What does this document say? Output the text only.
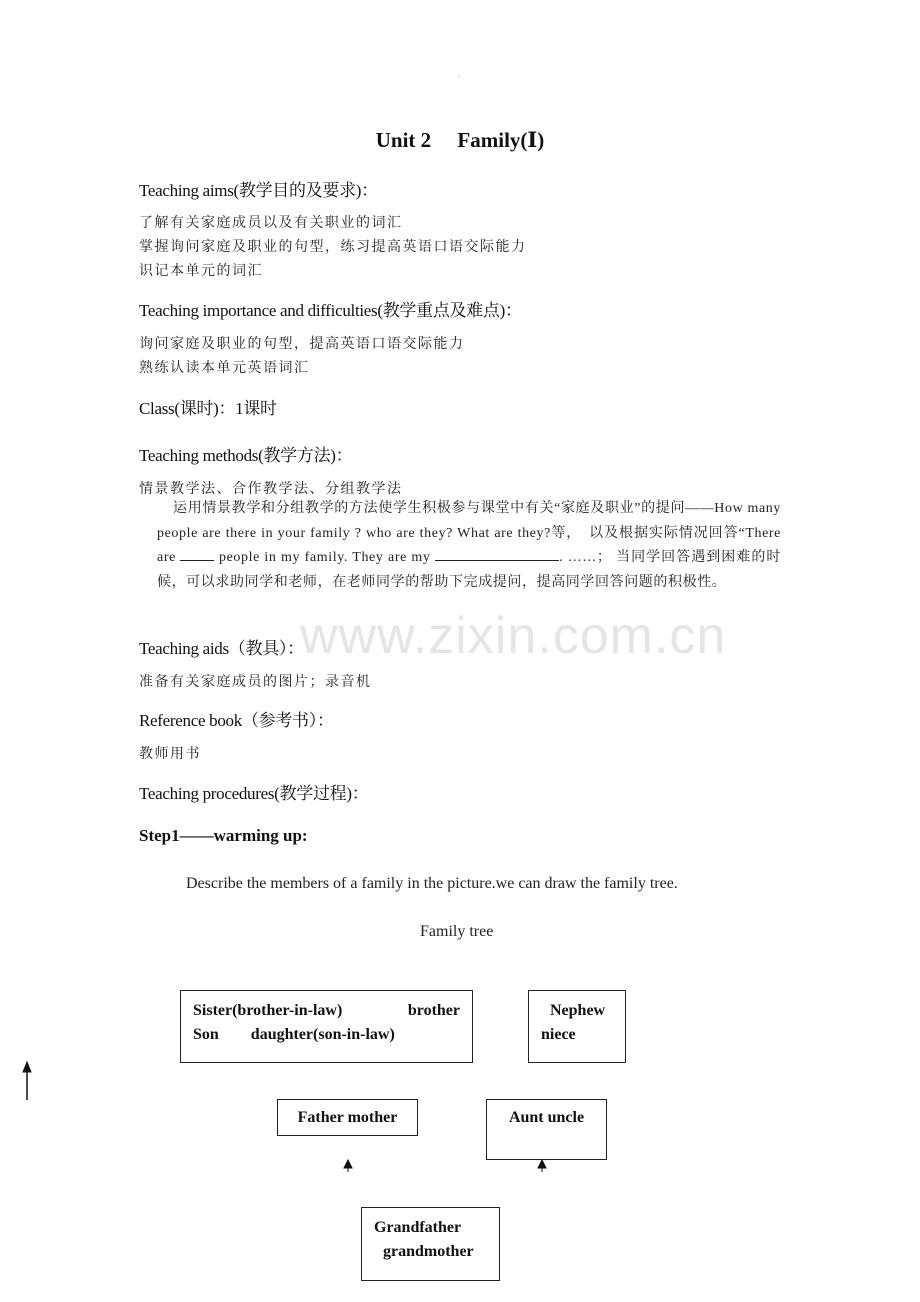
.
Unit 2　 Family(Ⅰ)
Teaching aims(教学目的及要求)：
了解有关家庭成员以及有关职业的词汇
掌握询问家庭及职业的句型，练习提高英语口语交际能力
识记本单元的词汇
Teaching importance and difficulties(教学重点及难点)：
询问家庭及职业的句型，提高英语口语交际能力
熟练认读本单元英语词汇
Class(课时)：1课时
Teaching methods(教学方法)：
情景教学法、合作教学法、分组教学法
运用情景教学和分组教学的方法使学生积极参与课堂中有关“家庭及职业”的提问——How many people are there in your family ? who are they? What are they?等，　以及根据实际情况回答“There are  people in my family. They are my	. ……； 当同学回答遇到困难的时候，可以求助同学和老师，在老师同学的帮助下完成提问，提高同学回答问题的积极性。
www.zixin.com.cn
Teaching aids（教具）：
准备有关家庭成员的图片；录音机
Reference book（参考书）：
教师用书
Teaching procedures(教学过程)：
Step1——warming up:
Describe the members of a family in the picture.we can draw the family tree.
Family tree
Sister(brother-in-law)	brother
Son　　daughter(son-in-law)
Nephew
niece
Father mother	Aunt uncle
Grandfather
grandmother
